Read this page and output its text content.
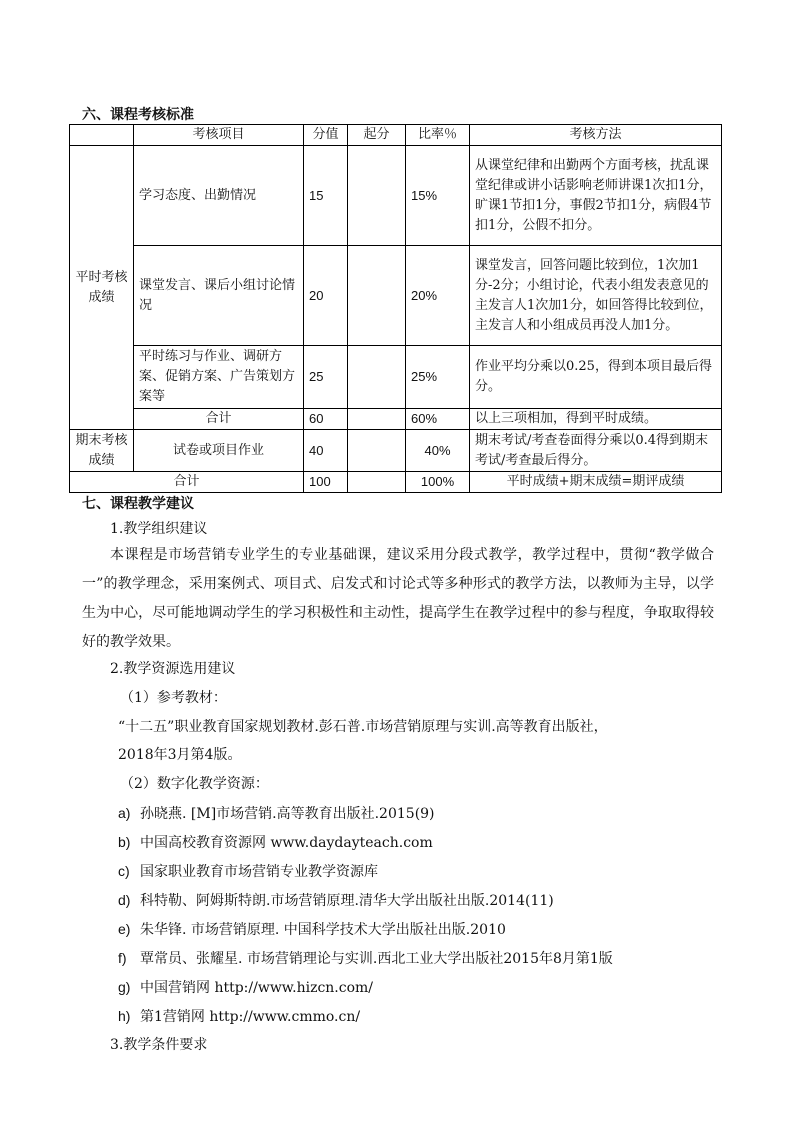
六、课程考核标准
	考核项目	分值	起分	比率％	考核方法
平时考核成绩	学习态度、出勤情况	15		15%	从课堂纪律和出勤两个方面考核，扰乱课堂纪律或讲小话影响老师讲课1次扣1分，旷课1节扣1分，事假2节扣1分，病假4节扣1分，公假不扣分。
	课堂发言、课后小组讨论情况	20		20%	课堂发言，回答问题比较到位，1次加1分-2分；小组讨论，代表小组发表意见的主发言人1次加1分，如回答得比较到位，主发言人和小组成员再没人加1分。
	平时练习与作业、调研方案、促销方案、广告策划方案等	25		25%	作业平均分乘以0.25，得到本项目最后得分。
	合计	60		60%	以上三项相加，得到平时成绩。
期末考核成绩	试卷或项目作业	40		40%	期末考试/考查卷面得分乘以0.4得到期末考试/考查最后得分。
合计		100		100%	平时成绩+期末成绩=期评成绩
七、课程教学建议
1.教学组织建议
本课程是市场营销专业学生的专业基础课，建议采用分段式教学，教学过程中，贯彻“教学做合一”的教学理念，采用案例式、项目式、启发式和讨论式等多种形式的教学方法，以教师为主导，以学生为中心，尽可能地调动学生的学习积极性和主动性，提高学生在教学过程中的参与程度，争取取得较好的教学效果。
2.教学资源选用建议
（1）参考教材：
“十二五”职业教育国家规划教材.彭石普.市场营销原理与实训.高等教育出版社，
2018年3月第4版。
（2）数字化教学资源：
a) 孙晓燕. [M]市场营销.高等教育出版社.2015(9)
b) 中国高校教育资源网 www.daydayteach.com
c) 国家职业教育市场营销专业教学资源库
d) 科特勒、阿姆斯特朗.市场营销原理.清华大学出版社出版.2014(11)
e) 朱华锋. 市场营销原理. 中国科学技术大学出版社出版.2010
f) 覃常员、张耀星. 市场营销理论与实训.西北工业大学出版社2015年8月第1版
g) 中国营销网 http://www.hizcn.com/
h) 第1营销网 http://www.cmmo.cn/
3.教学条件要求
